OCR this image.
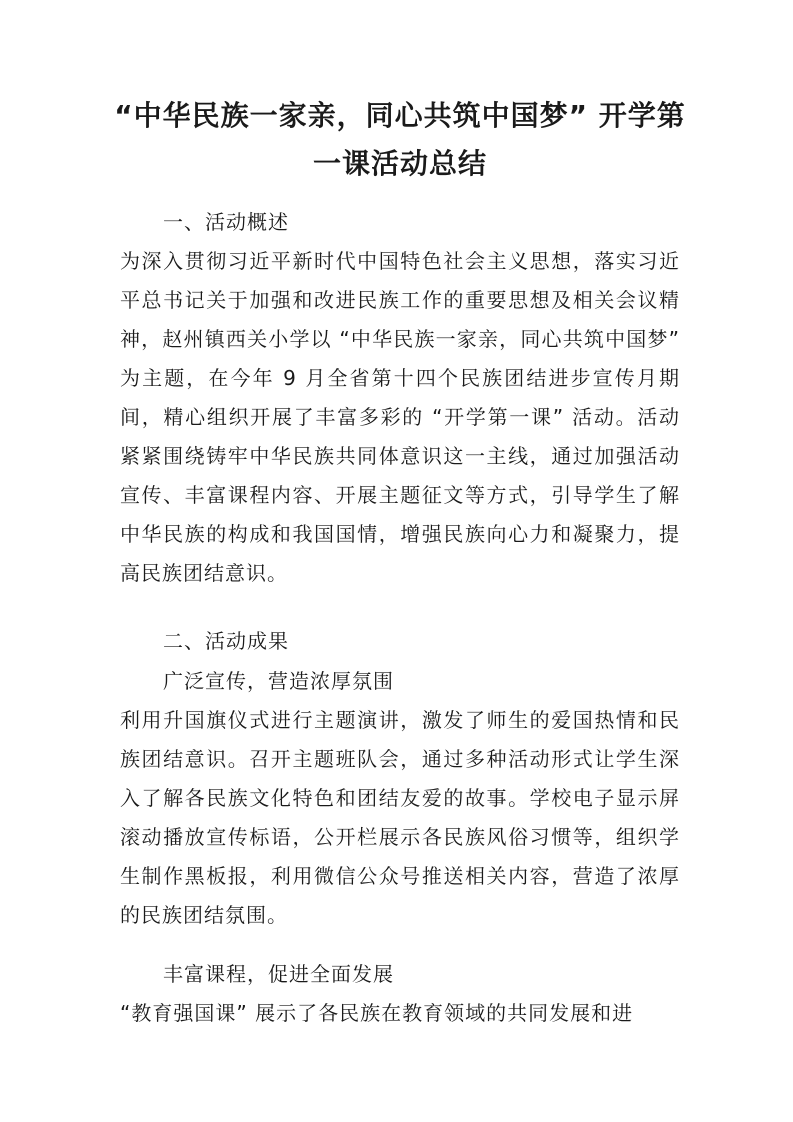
“中华民族一家亲，同心共筑中国梦” 开学第一课活动总结

一、活动概述

为深入贯彻习近平新时代中国特色社会主义思想，落实习近平总书记关于加强和改进民族工作的重要思想及相关会议精神，赵州镇西关小学以 “中华民族一家亲，同心共筑中国梦” 为主题，在今年 9 月全省第十四个民族团结进步宣传月期间，精心组织开展了丰富多彩的 “开学第一课” 活动。活动紧紧围绕铸牢中华民族共同体意识这一主线，通过加强活动宣传、丰富课程内容、开展主题征文等方式，引导学生了解中华民族的构成和我国国情，增强民族向心力和凝聚力，提高民族团结意识。

二、活动成果

广泛宣传，营造浓厚氛围

利用升国旗仪式进行主题演讲，激发了师生的爱国热情和民族团结意识。召开主题班队会，通过多种活动形式让学生深入了解各民族文化特色和团结友爱的故事。学校电子显示屏滚动播放宣传标语，公开栏展示各民族风俗习惯等，组织学生制作黑板报，利用微信公众号推送相关内容，营造了浓厚的民族团结氛围。

丰富课程，促进全面发展

“教育强国课” 展示了各民族在教育领域的共同发展和进
